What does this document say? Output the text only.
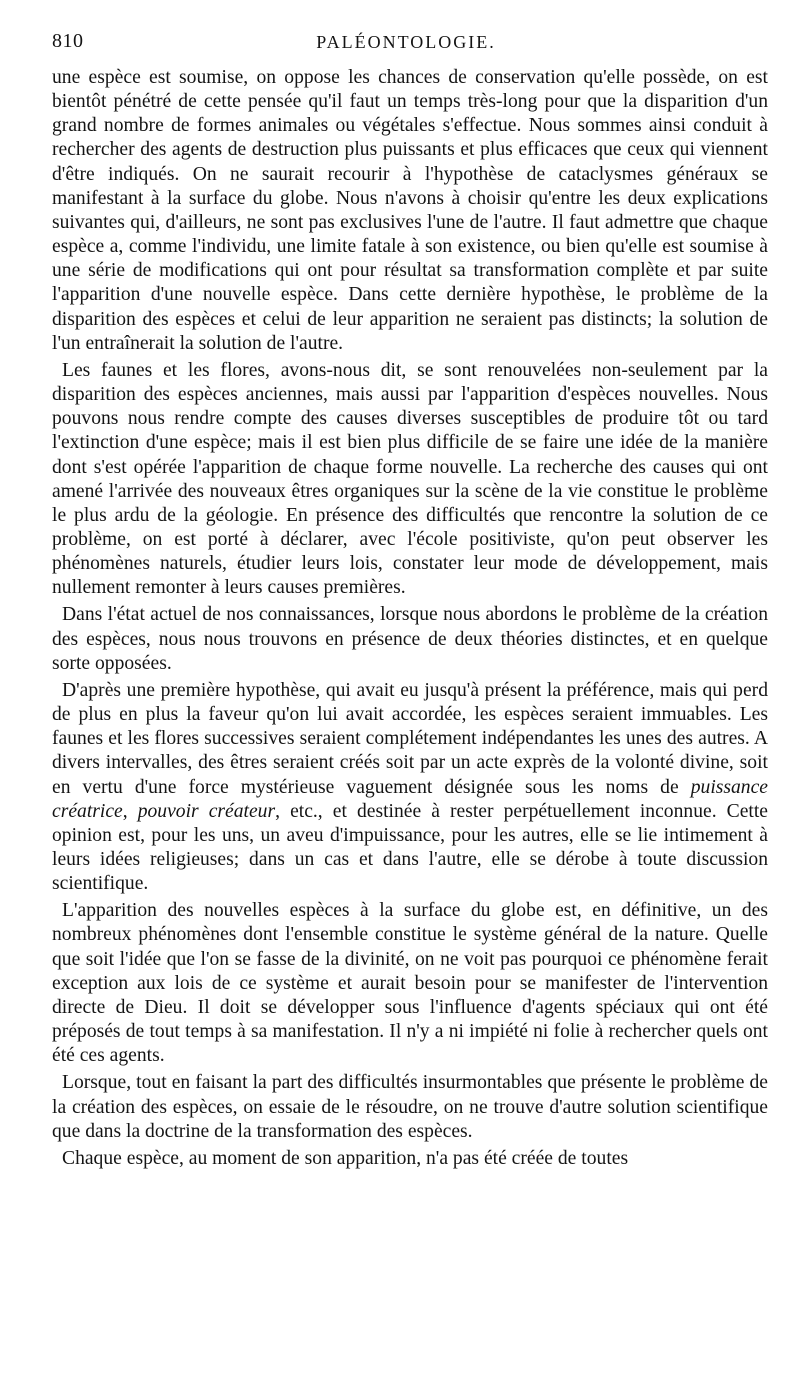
810	PALÉONTOLOGIE.

une espèce est soumise, on oppose les chances de conservation qu'elle possède, on est bientôt pénétré de cette pensée qu'il faut un temps très-long pour que la disparition d'un grand nombre de formes animales ou végétales s'effectue. Nous sommes ainsi conduit à rechercher des agents de destruction plus puissants et plus efficaces que ceux qui viennent d'être indiqués. On ne saurait recourir à l'hypothèse de cataclysmes généraux se manifestant à la surface du globe. Nous n'avons à choisir qu'entre les deux explications suivantes qui, d'ailleurs, ne sont pas exclusives l'une de l'autre. Il faut admettre que chaque espèce a, comme l'individu, une limite fatale à son existence, ou bien qu'elle est soumise à une série de modifications qui ont pour résultat sa transformation complète et par suite l'apparition d'une nouvelle espèce. Dans cette dernière hypothèse, le problème de la disparition des espèces et celui de leur apparition ne seraient pas distincts; la solution de l'un entraînerait la solution de l'autre.

Les faunes et les flores, avons-nous dit, se sont renouvelées non-seulement par la disparition des espèces anciennes, mais aussi par l'apparition d'espèces nouvelles. Nous pouvons nous rendre compte des causes diverses susceptibles de produire tôt ou tard l'extinction d'une espèce; mais il est bien plus difficile de se faire une idée de la manière dont s'est opérée l'apparition de chaque forme nouvelle. La recherche des causes qui ont amené l'arrivée des nouveaux êtres organiques sur la scène de la vie constitue le problème le plus ardu de la géologie. En présence des difficultés que rencontre la solution de ce problème, on est porté à déclarer, avec l'école positiviste, qu'on peut observer les phénomènes naturels, étudier leurs lois, constater leur mode de développement, mais nullement remonter à leurs causes premières.

Dans l'état actuel de nos connaissances, lorsque nous abordons le problème de la création des espèces, nous nous trouvons en présence de deux théories distinctes, et en quelque sorte opposées.

D'après une première hypothèse, qui avait eu jusqu'à présent la préférence, mais qui perd de plus en plus la faveur qu'on lui avait accordée, les espèces seraient immuables. Les faunes et les flores successives seraient complétement indépendantes les unes des autres. A divers intervalles, des êtres seraient créés soit par un acte exprès de la volonté divine, soit en vertu d'une force mystérieuse vaguement désignée sous les noms de puissance créatrice, pouvoir créateur, etc., et destinée à rester perpétuellement inconnue. Cette opinion est, pour les uns, un aveu d'impuissance, pour les autres, elle se lie intimement à leurs idées religieuses; dans un cas et dans l'autre, elle se dérobe à toute discussion scientifique.

L'apparition des nouvelles espèces à la surface du globe est, en définitive, un des nombreux phénomènes dont l'ensemble constitue le système général de la nature. Quelle que soit l'idée que l'on se fasse de la divinité, on ne voit pas pourquoi ce phénomène ferait exception aux lois de ce système et aurait besoin pour se manifester de l'intervention directe de Dieu. Il doit se développer sous l'influence d'agents spéciaux qui ont été préposés de tout temps à sa manifestation. Il n'y a ni impiété ni folie à rechercher quels ont été ces agents.

Lorsque, tout en faisant la part des difficultés insurmontables que présente le problème de la création des espèces, on essaie de le résoudre, on ne trouve d'autre solution scientifique que dans la doctrine de la transformation des espèces.

Chaque espèce, au moment de son apparition, n'a pas été créée de toutes
